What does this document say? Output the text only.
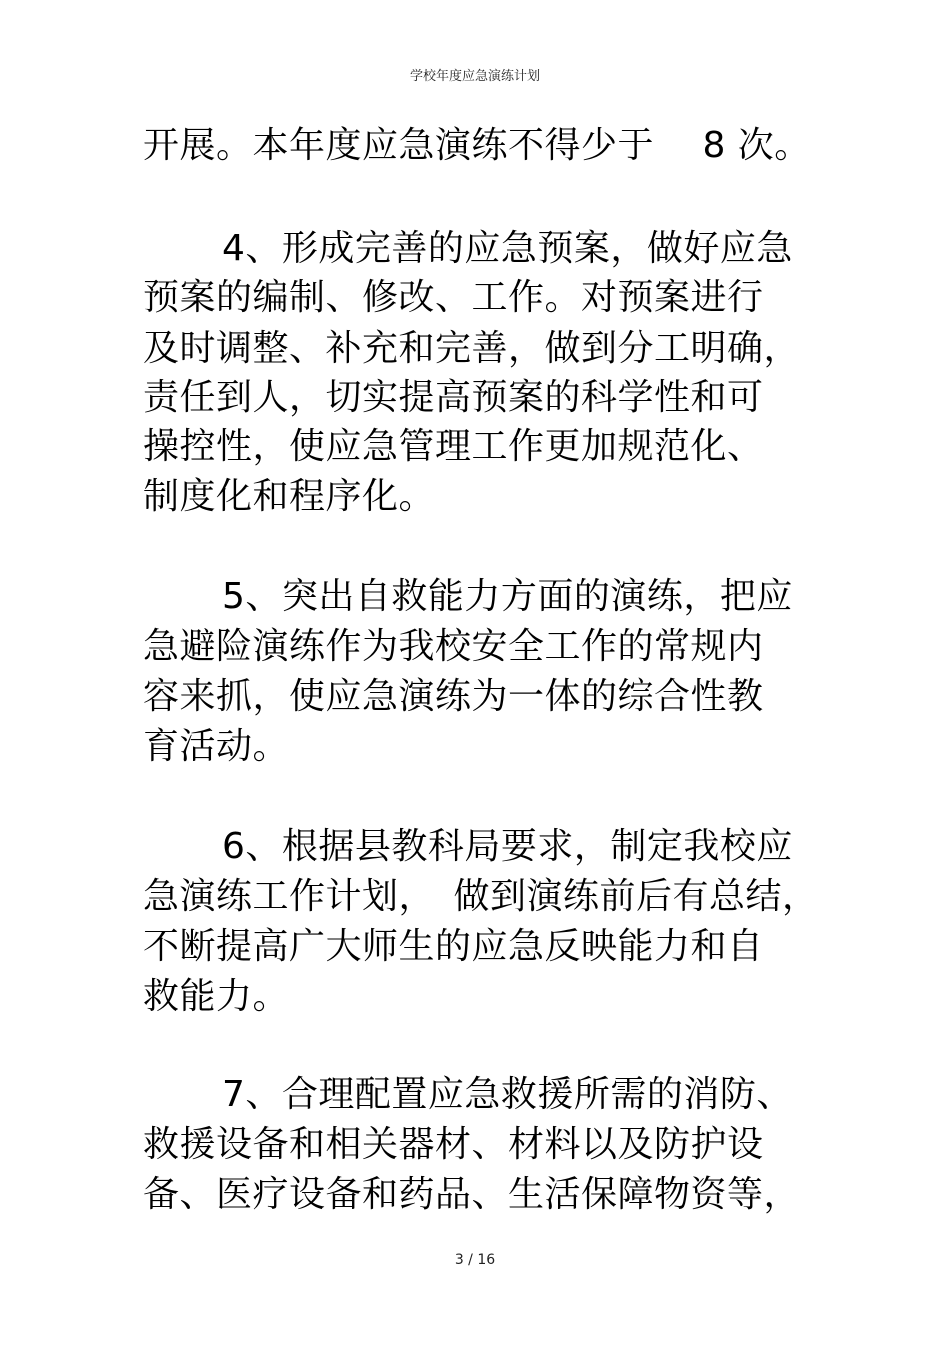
学校年度应急演练计划
开展。本年度应急演练不得少于　 8 次。
4、形成完善的应急预案，做好应急
预案的编制、修改、工作。对预案进行
及时调整、补充和完善，做到分工明确，
责任到人，切实提高预案的科学性和可
操控性，使应急管理工作更加规范化、
制度化和程序化。
5、突出自救能力方面的演练，把应
急避险演练作为我校安全工作的常规内
容来抓，使应急演练为一体的综合性教
育活动。
6、根据县教科局要求，制定我校应
急演练工作计划，　做到演练前后有总结，
不断提高广大师生的应急反映能力和自
救能力。
7、合理配置应急救援所需的消防、
救援设备和相关器材、材料以及防护设
备、医疗设备和药品、生活保障物资等，
3 / 16
